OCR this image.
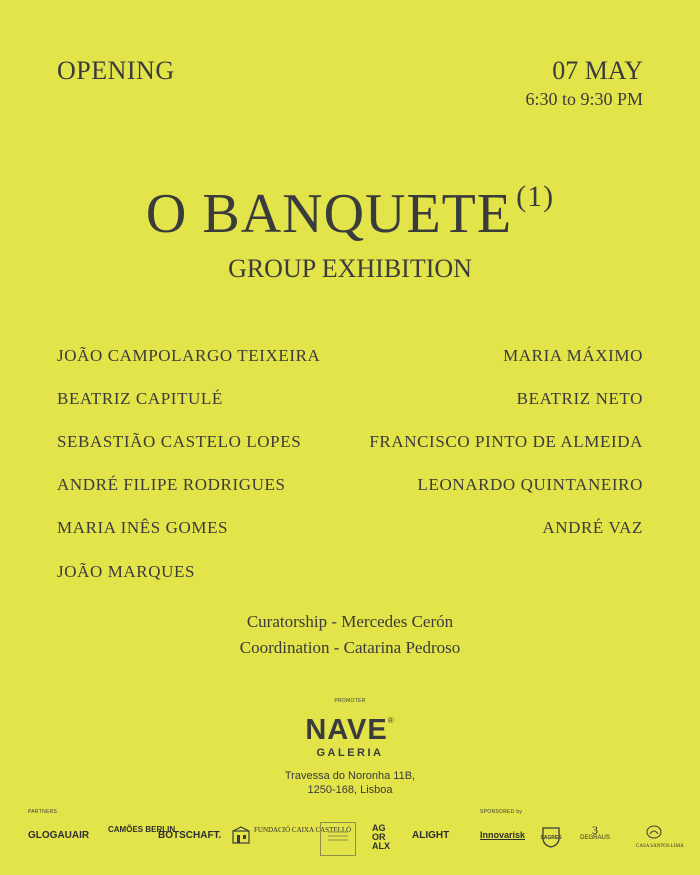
OPENING	07 MAY
6:30 to 9:30 PM
O BANQUETE $^{(1)}$
GROUP EXHIBITION
JOÃO CAMPOLARGO TEIXEIRA
BEATRIZ CAPITULÉ
SEBASTIÃO CASTELO LOPES
ANDRÉ FILIPE RODRIGUES
MARIA INÊS GOMES
JOÃO MARQUES
MARIA MÁXIMO
BEATRIZ NETO
FRANCISCO PINTO DE ALMEIDA
LEONARDO QUINTANEIRO
ANDRÉ VAZ
Curatorship - Mercedes Cerón
Coordination - Catarina Pedroso
PROMOTER
NAVE®
GALERIA
Travessa do Noronha 11B,
1250-168, Lisboa
PARTNERS
GLOGAUAIR
CAMÕES BERLIN
BOTSCHAFT.	FUNDACIÓ CAIXA CASTELLÓ AG OR ALX
ALIGHT
SPONSORED by
Innovarisk	SAGRES
3
DEGRAUS
CASA SANTOS LIMA
